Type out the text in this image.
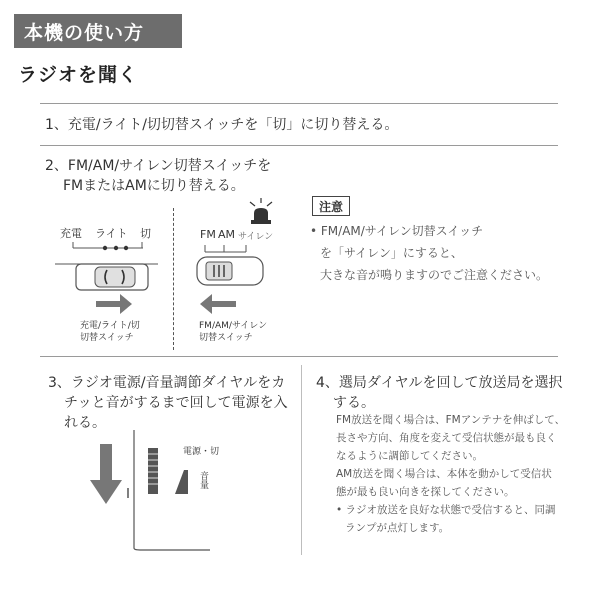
本機の使い方
ラジオを聞く
1、充電/ライト/切切替スイッチを「切」に切り替える。
2、FM/AM/サイレン切替スイッチを
FMまたはAMに切り替える。
充電 ライト 切
充電/ライト/切
切替スイッチ
FM AM サイレン
FM/AM/サイレン
切替スイッチ
注意
• FM/AM/サイレン切替スイッチ
を「サイレン」にすると、
大きな音が鳴りますのでご注意ください。
3、ラジオ電源/音量調節ダイヤルをカ
チッと音がするまで回して電源を入
れる。
電源・切
音量
4、選局ダイヤルを回して放送局を選択
する。
FM放送を聞く場合は、FMアンテナを伸ばして、
長さや方向、角度を変えて受信状態が最も良く
なるように調節してください。
AM放送を聞く場合は、本体を動かして受信状
態が最も良い向きを探してください。
• ラジオ放送を良好な状態で受信すると、同調
ランプが点灯します。
